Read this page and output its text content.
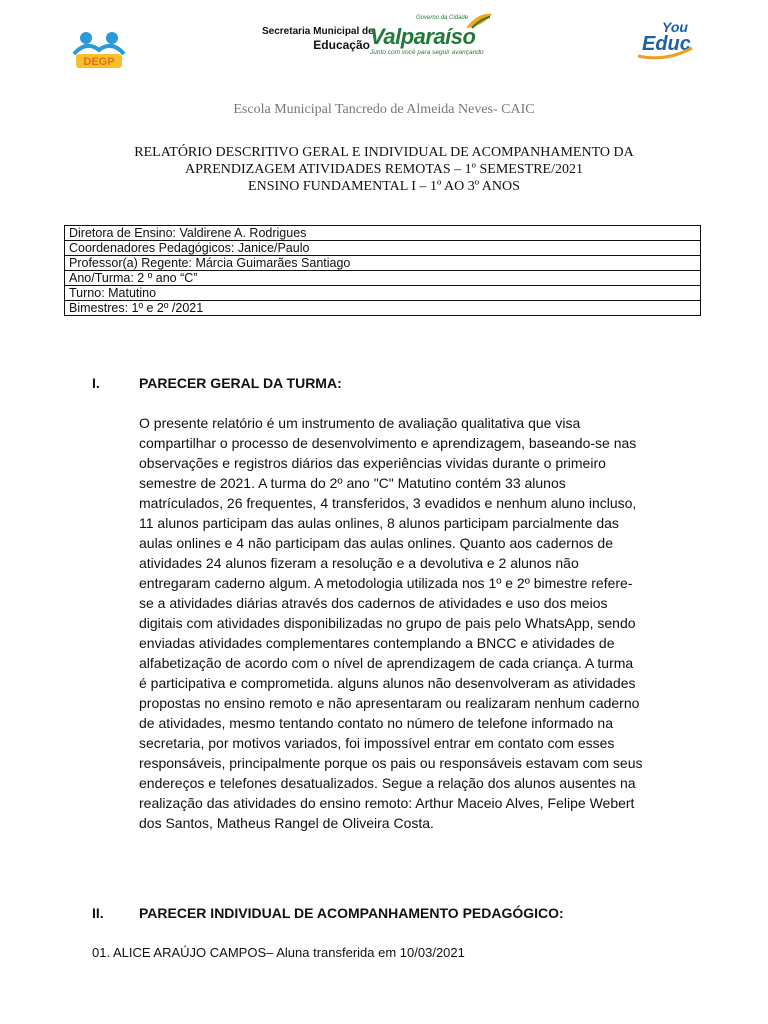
DEGP
Secretaria Municipal de
Educação
Governo da Cidade
Valparaíso
Junto com você para seguir avançando
You
Educ
Escola Municipal Tancredo de Almeida Neves- CAIC
RELATÓRIO DESCRITIVO GERAL E INDIVIDUAL DE ACOMPANHAMENTO DA
APRENDIZAGEM ATIVIDADES REMOTAS – 1º SEMESTRE/2021
ENSINO FUNDAMENTAL I – 1º AO 3º ANOS
Diretora de Ensino: Valdirene A. Rodrigues
Coordenadores Pedagógicos: Janice/Paulo
Professor(a) Regente: Márcia Guimarães Santiago
Ano/Turma: 2 º ano “C”
Turno: Matutino
Bimestres: 1º e 2º /2021
I.	PARECER GERAL DA TURMA:
O presente relatório é um instrumento de avaliação qualitativa que visa
compartilhar o processo de desenvolvimento e aprendizagem, baseando-se nas
observações e registros diários das experiências vividas durante o primeiro
semestre de 2021. A turma do 2º ano "C" Matutino contém 33 alunos
matrículados, 26 frequentes, 4 transferidos, 3 evadidos e nenhum aluno incluso,
11 alunos participam das aulas onlines, 8 alunos participam parcialmente das
aulas onlines e 4 não participam das aulas onlines. Quanto aos cadernos de
atividades 24 alunos fizeram a resolução e a devolutiva e 2 alunos não
entregaram caderno algum. A metodologia utilizada nos 1º e 2º bimestre refere-
se a atividades diárias através dos cadernos de atividades e uso dos meios
digitais com atividades disponibilizadas no grupo de pais pelo WhatsApp, sendo
enviadas atividades complementares contemplando a BNCC e atividades de
alfabetização de acordo com o nível de aprendizagem de cada criança. A turma
é participativa e comprometida. alguns alunos não desenvolveram as atividades
propostas no ensino remoto e não apresentaram ou realizaram nenhum caderno
de atividades, mesmo tentando contato no número de telefone informado na
secretaria, por motivos variados, foi impossível entrar em contato com esses
responsáveis, principalmente porque os pais ou responsáveis estavam com seus
endereços e telefones desatualizados. Segue a relação dos alunos ausentes na
realização das atividades do ensino remoto: Arthur Maceio Alves, Felipe Webert
dos Santos, Matheus Rangel de Oliveira Costa.
II.	PARECER INDIVIDUAL DE ACOMPANHAMENTO PEDAGÓGICO:
01. ALICE ARAÚJO CAMPOS– Aluna transferida em 10/03/2021
